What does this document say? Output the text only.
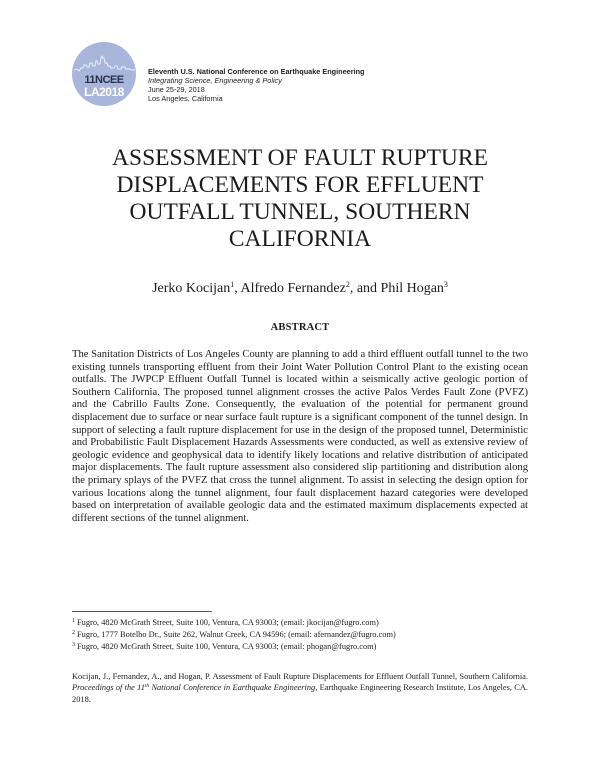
11NCEE
LA2018
Eleventh U.S. National Conference on Earthquake Engineering
Integrating Science, Engineering & Policy
June 25-29, 2018
Los Angeles, California
ASSESSMENT OF FAULT RUPTURE
DISPLACEMENTS FOR EFFLUENT
OUTFALL TUNNEL, SOUTHERN
CALIFORNIA
Jerko Kocijan$^1$, Alfredo Fernandez$^2$, and Phil Hogan$^3$
ABSTRACT

The Sanitation Districts of Los Angeles County are planning to add a third effluent outfall tunnel to the two existing tunnels transporting effluent from their Joint Water Pollution Control Plant to the existing ocean outfalls. The JWPCP Effluent Outfall Tunnel is located within a seismically active geologic portion of Southern California. The proposed tunnel alignment crosses the active Palos Verdes Fault Zone (PVFZ) and the Cabrillo Faults Zone. Consequently, the evaluation of the potential for permanent ground displacement due to surface or near surface fault rupture is a significant component of the tunnel design. In support of selecting a fault rupture displacement for use in the design of the proposed tunnel, Deterministic and Probabilistic Fault Displacement Hazards Assessments were conducted, as well as extensive review of geologic evidence and geophysical data to identify likely locations and relative distribution of anticipated major displacements. The fault rupture assessment also considered slip partitioning and distribution along the primary splays of the PVFZ that cross the tunnel alignment. To assist in selecting the design option for various locations along the tunnel alignment, four fault displacement hazard categories were developed based on interpretation of available geologic data and the estimated maximum displacements expected at different sections of the tunnel alignment.

$^1$ Fugro, 4820 McGrath Street, Suite 100, Ventura, CA 93003; (email: jkocijan@fugro.com)
$^2$ Fugro, 1777 Botelho Dr., Suite 262, Walnut Creek, CA 94596; (email: afernandez@fugro.com)
$^3$ Fugro, 4820 McGrath Street, Suite 100, Ventura, CA 93003; (email: phogan@fugro.com)

Kocijan, J., Fernandez, A., and Hogan, P. Assessment of Fault Rupture Displacements for Effluent Outfall Tunnel, Southern California. Proceedings of the 11th National Conference in Earthquake Engineering, Earthquake Engineering Research Institute, Los Angeles, CA. 2018.
